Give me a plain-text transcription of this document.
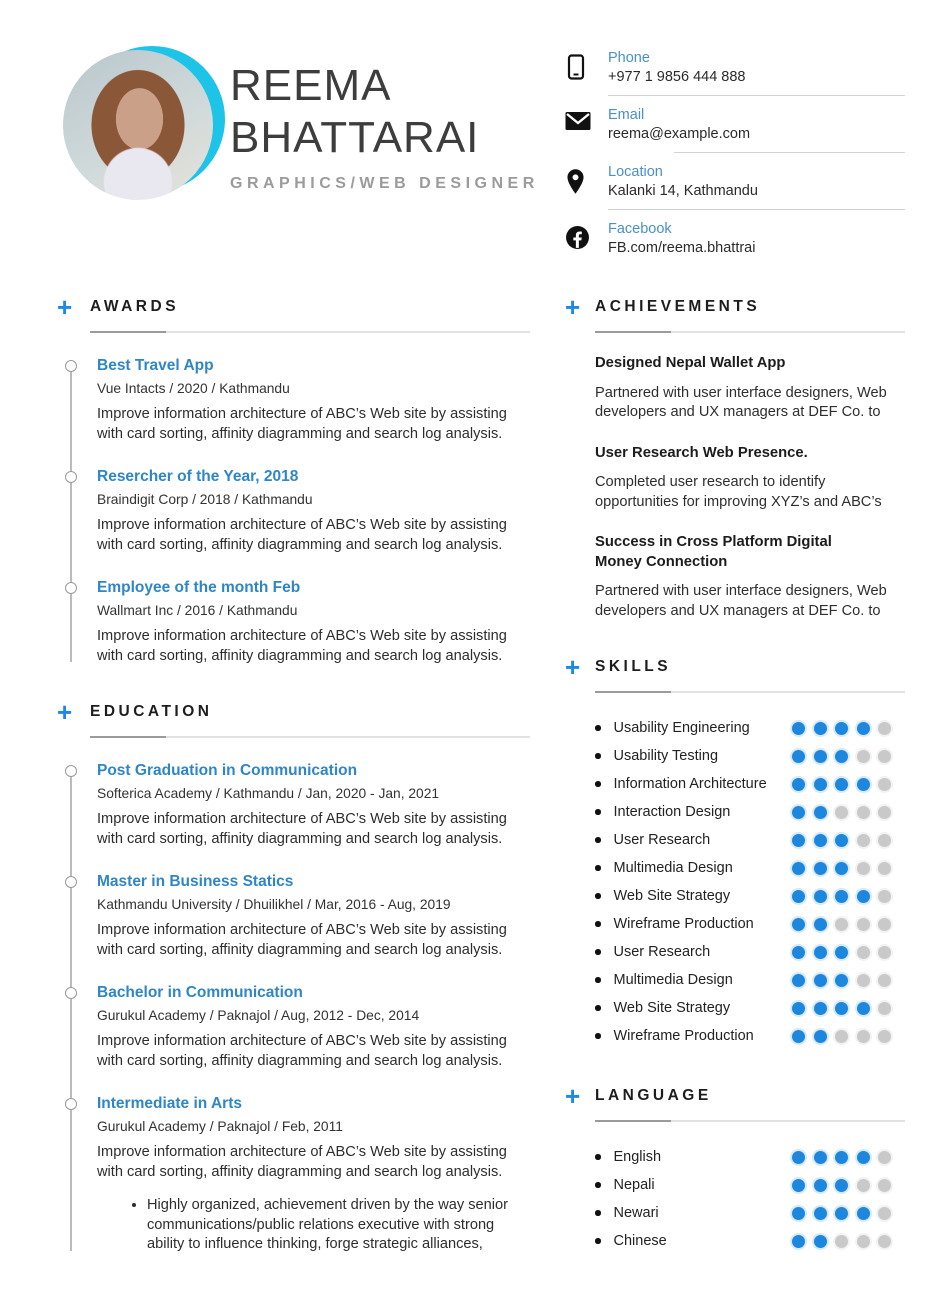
REEMA
BHATTARAI
GRAPHICS/WEB DESIGNER
Phone
+977 1 9856 444 888
Email
reema@example.com
Location
Kalanki 14, Kathmandu
Facebook
FB.com/reema.bhattrai
+	AWARDS
Best Travel App
Vue Intacts / 2020 / Kathmandu
Improve information architecture of ABC’s Web site by assisting with card sorting, affinity diagramming and search log analysis.
Resercher of the Year, 2018
Braindigit Corp / 2018 / Kathmandu
Improve information architecture of ABC’s Web site by assisting with card sorting, affinity diagramming and search log analysis.
Employee of the month Feb
Wallmart Inc / 2016 / Kathmandu
Improve information architecture of ABC’s Web site by assisting with card sorting, affinity diagramming and search log analysis.
+	EDUCATION
Post Graduation in Communication
Softerica Academy / Kathmandu / Jan, 2020 - Jan, 2021
Improve information architecture of ABC’s Web site by assisting with card sorting, affinity diagramming and search log analysis.
Master in Business Statics
Kathmandu University / Dhuilikhel / Mar, 2016 - Aug, 2019
Improve information architecture of ABC’s Web site by assisting with card sorting, affinity diagramming and search log analysis.
Bachelor in Communication
Gurukul Academy / Paknajol / Aug, 2012 - Dec, 2014
Improve information architecture of ABC’s Web site by assisting with card sorting, affinity diagramming and search log analysis.
Intermediate in Arts
Gurukul Academy / Paknajol / Feb, 2011
Improve information architecture of ABC’s Web site by assisting with card sorting, affinity diagramming and search log analysis.
• Highly organized, achievement driven by the way senior communications/public relations executive with strong ability to influence thinking, forge strategic alliances,
+ ACHIEVEMENTS
Designed Nepal Wallet App
Partnered with user interface designers, Web developers and UX managers at DEF Co. to
User Research Web Presence.
Completed user research to identify opportunities for improving XYZ’s and ABC’s
Success in Cross Platform Digital Money Connection
Partnered with user interface designers, Web developers and UX managers at DEF Co. to
+ SKILLS
Usability Engineering
Usability Testing
Information Architecture
Interaction Design
User Research
Multimedia Design
Web Site Strategy
Wireframe Production
User Research
Multimedia Design
Web Site Strategy
Wireframe Production
+ LANGUAGE
English
Nepali
Newari
Chinese
